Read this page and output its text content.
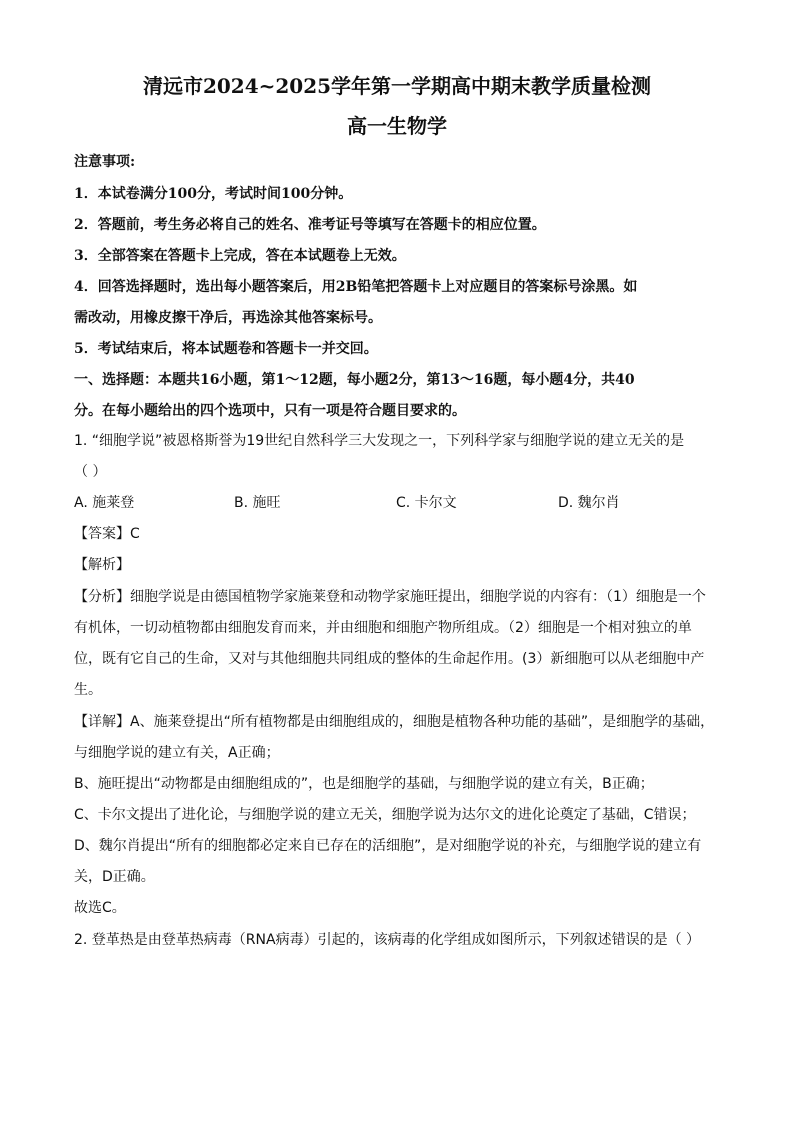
清远市2024~2025学年第一学期高中期末教学质量检测
高一生物学
注意事项:
1．本试卷满分100分，考试时间100分钟。
2．答题前，考生务必将自己的姓名、准考证号等填写在答题卡的相应位置。
3．全部答案在答题卡上完成，答在本试题卷上无效。
4．回答选择题时，选出每小题答案后，用2B铅笔把答题卡上对应题目的答案标号涂黑。如
需改动，用橡皮擦干净后，再选涂其他答案标号。
5．考试结束后，将本试题卷和答题卡一并交回。
一、选择题：本题共16小题，第1～12题，每小题2分，第13～16题，每小题4分，共40
分。在每小题给出的四个选项中，只有一项是符合题目要求的。
1. “细胞学说”被恩格斯誉为19世纪自然科学三大发现之一，下列科学家与细胞学说的建立无关的是
（ ）
A. 施莱登	B. 施旺	C. 卡尔文	D. 魏尔肖
【答案】C
【解析】
【分析】细胞学说是由德国植物学家施莱登和动物学家施旺提出，细胞学说的内容有：（1）细胞是一个
有机体，一切动植物都由细胞发育而来，并由细胞和细胞产物所组成。（2）细胞是一个相对独立的单
位，既有它自己的生命，又对与其他细胞共同组成的整体的生命起作用。(3）新细胞可以从老细胞中产
生。
【详解】A、施莱登提出“所有植物都是由细胞组成的，细胞是植物各种功能的基础”，是细胞学的基础，
与细胞学说的建立有关，A正确；
B、施旺提出“动物都是由细胞组成的”，也是细胞学的基础，与细胞学说的建立有关，B正确；
C、卡尔文提出了进化论，与细胞学说的建立无关，细胞学说为达尔文的进化论奠定了基础，C错误；
D、魏尔肖提出“所有的细胞都必定来自已存在的活细胞”，是对细胞学说的补充，与细胞学说的建立有
关，D正确。
故选C。
2. 登革热是由登革热病毒（RNA病毒）引起的，该病毒的化学组成如图所示，下列叙述错误的是（ ）
